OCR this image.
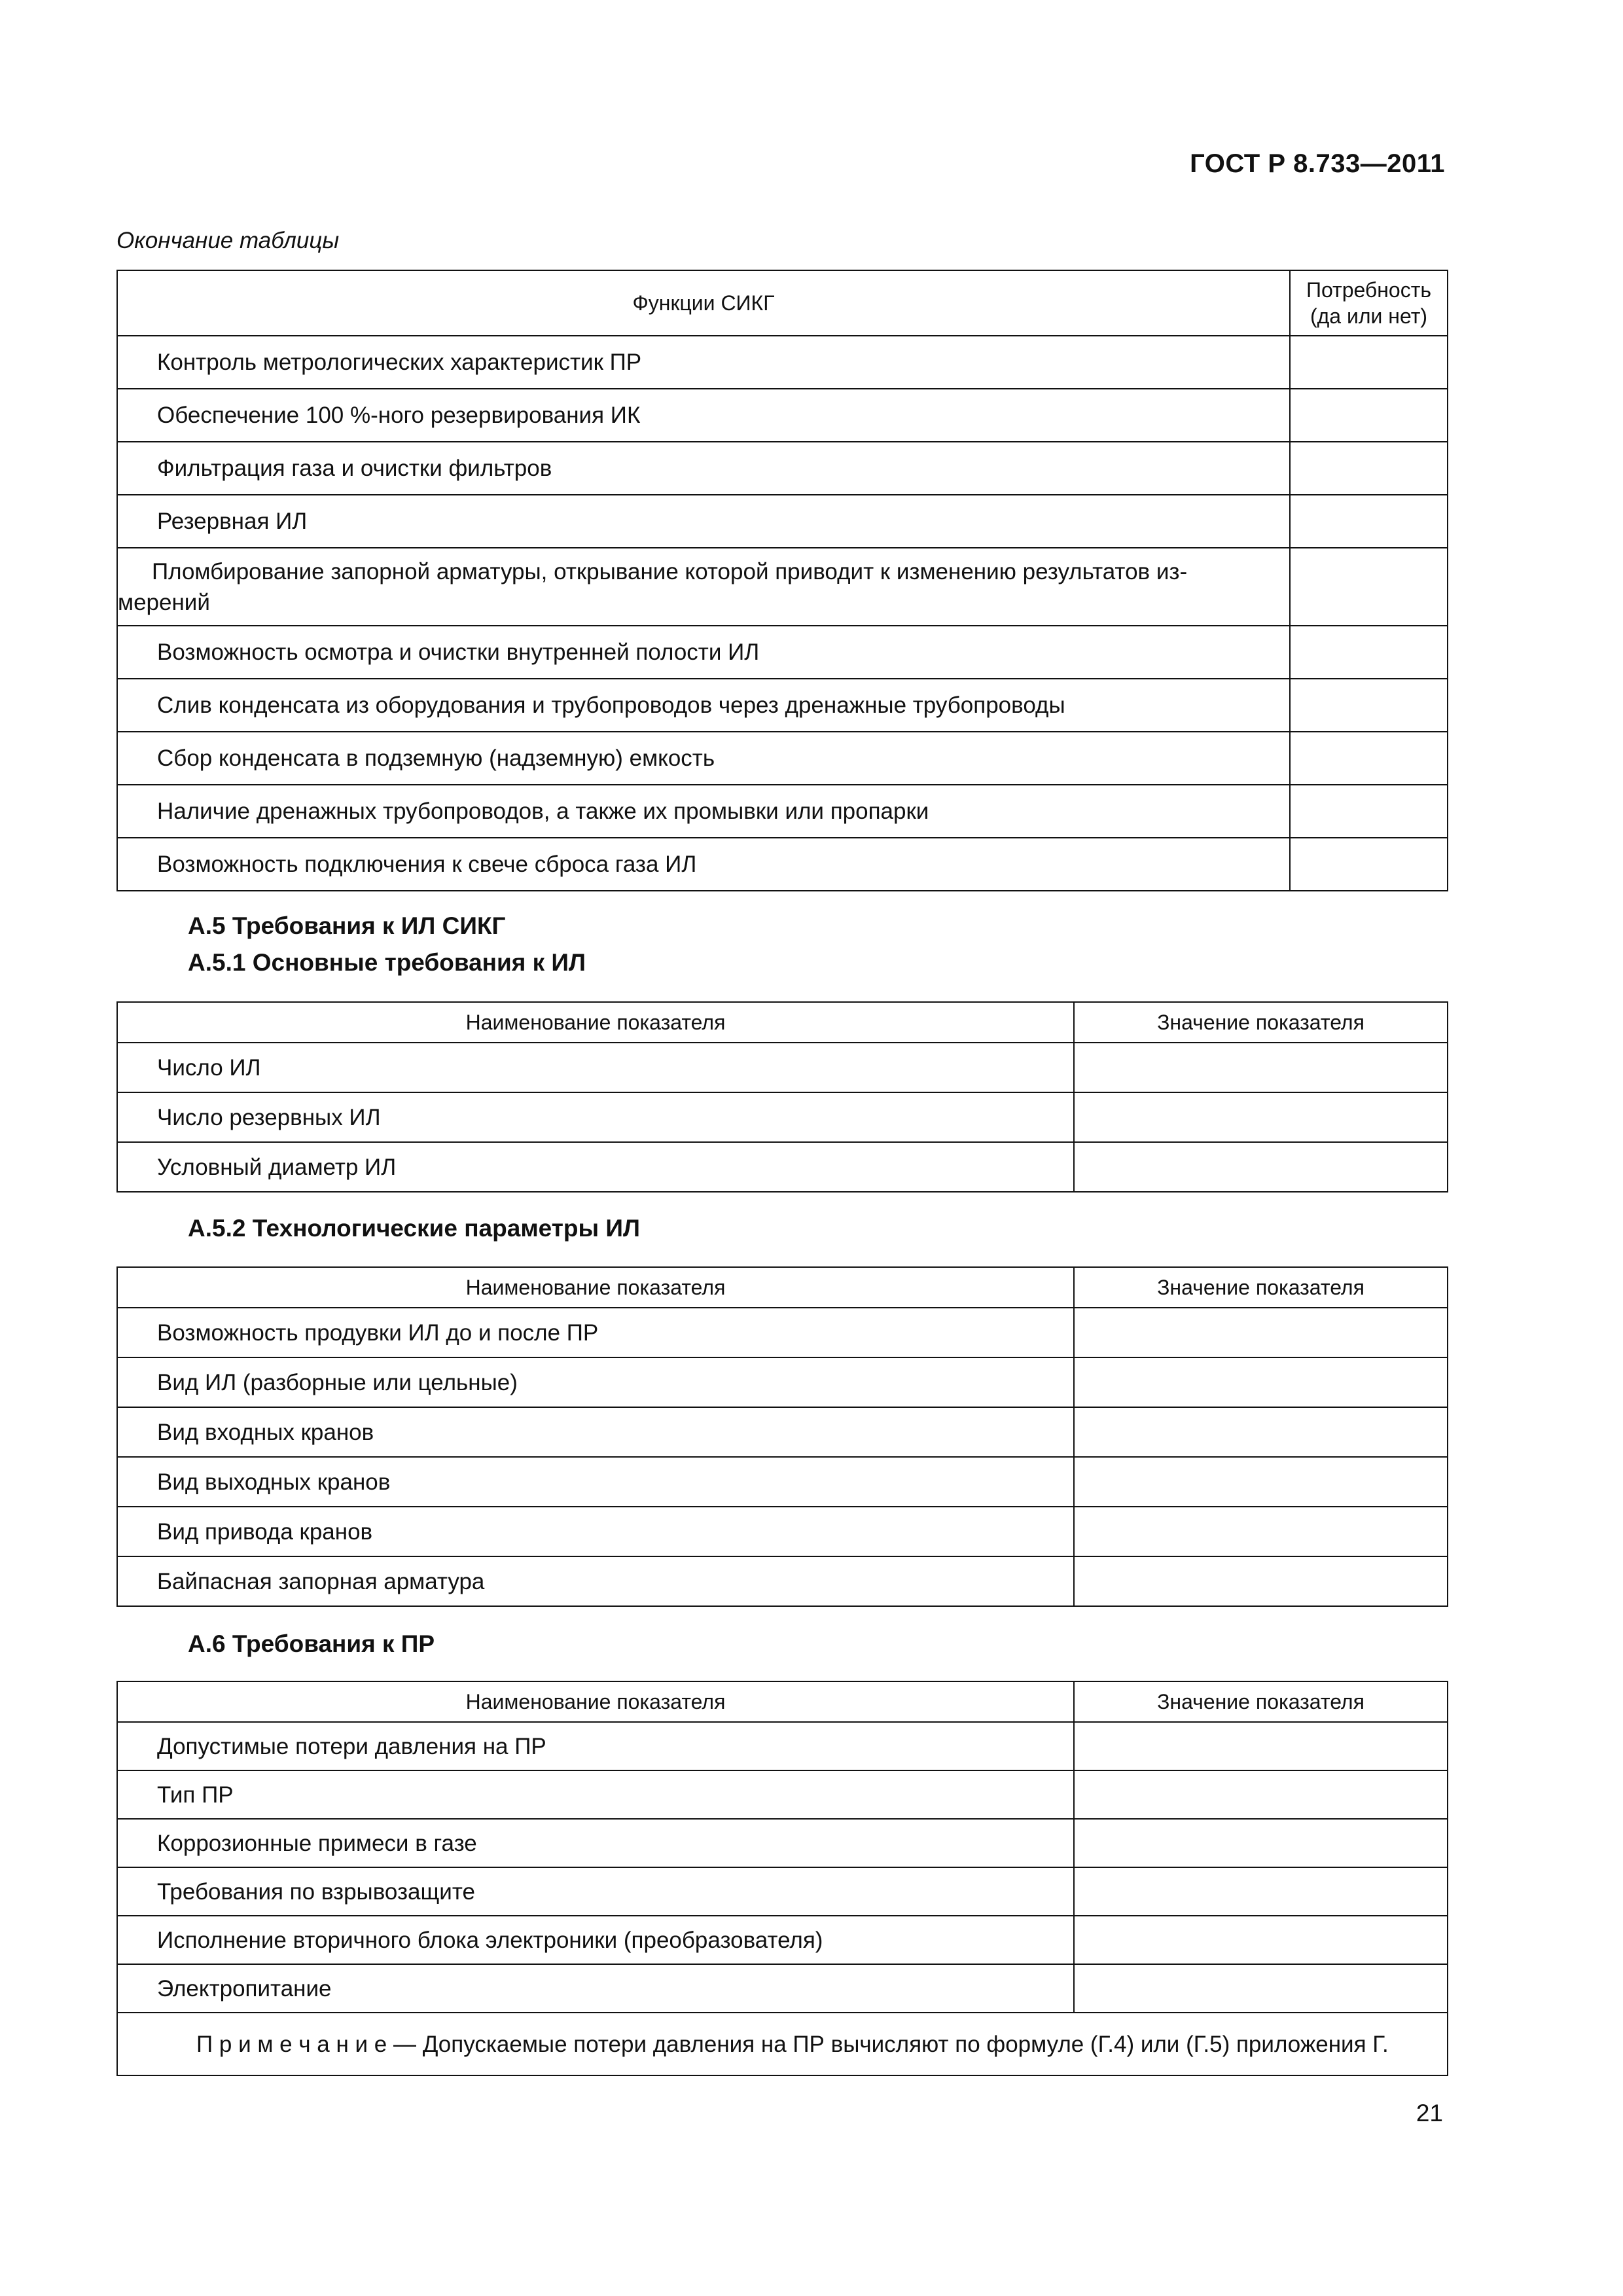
ГОСТ Р 8.733—2011
Окончание таблицы
Функции СИКГ	Потребность
(да или нет)
Контроль метрологических характеристик ПР	
Обеспечение 100 %-ного резервирования ИК	
Фильтрация газа и очистки фильтров	
Резервная ИЛ	
Пломбирование запорной арматуры, открывание которой приводит к изменению результатов из-
мерений	
Возможность осмотра и очистки внутренней полости ИЛ	
Слив конденсата из оборудования и трубопроводов через дренажные трубопроводы	
Сбор конденсата в подземную (надземную) емкость	
Наличие дренажных трубопроводов, а также их промывки или пропарки	
Возможность подключения к свече сброса газа ИЛ	
А.5 Требования к ИЛ СИКГ
А.5.1 Основные требования к ИЛ
Наименование показателя	Значение показателя
Число ИЛ	
Число резервных ИЛ	
Условный диаметр ИЛ	
А.5.2 Технологические параметры ИЛ
Наименование показателя	Значение показателя
Возможность продувки ИЛ до и после ПР	
Вид ИЛ (разборные или цельные)	
Вид входных кранов	
Вид выходных кранов	
Вид привода кранов	
Байпасная запорная арматура	
А.6 Требования к ПР
Наименование показателя	Значение показателя
Допустимые потери давления на ПР	
Тип ПР	
Коррозионные примеси в газе	
Требования по взрывозащите	
Исполнение вторичного блока электроники (преобразователя)	
Электропитание	
П р и м е ч а н и е — Допускаемые потери давления на ПР вычисляют по формуле (Г.4) или (Г.5) приложения Г.	
21
